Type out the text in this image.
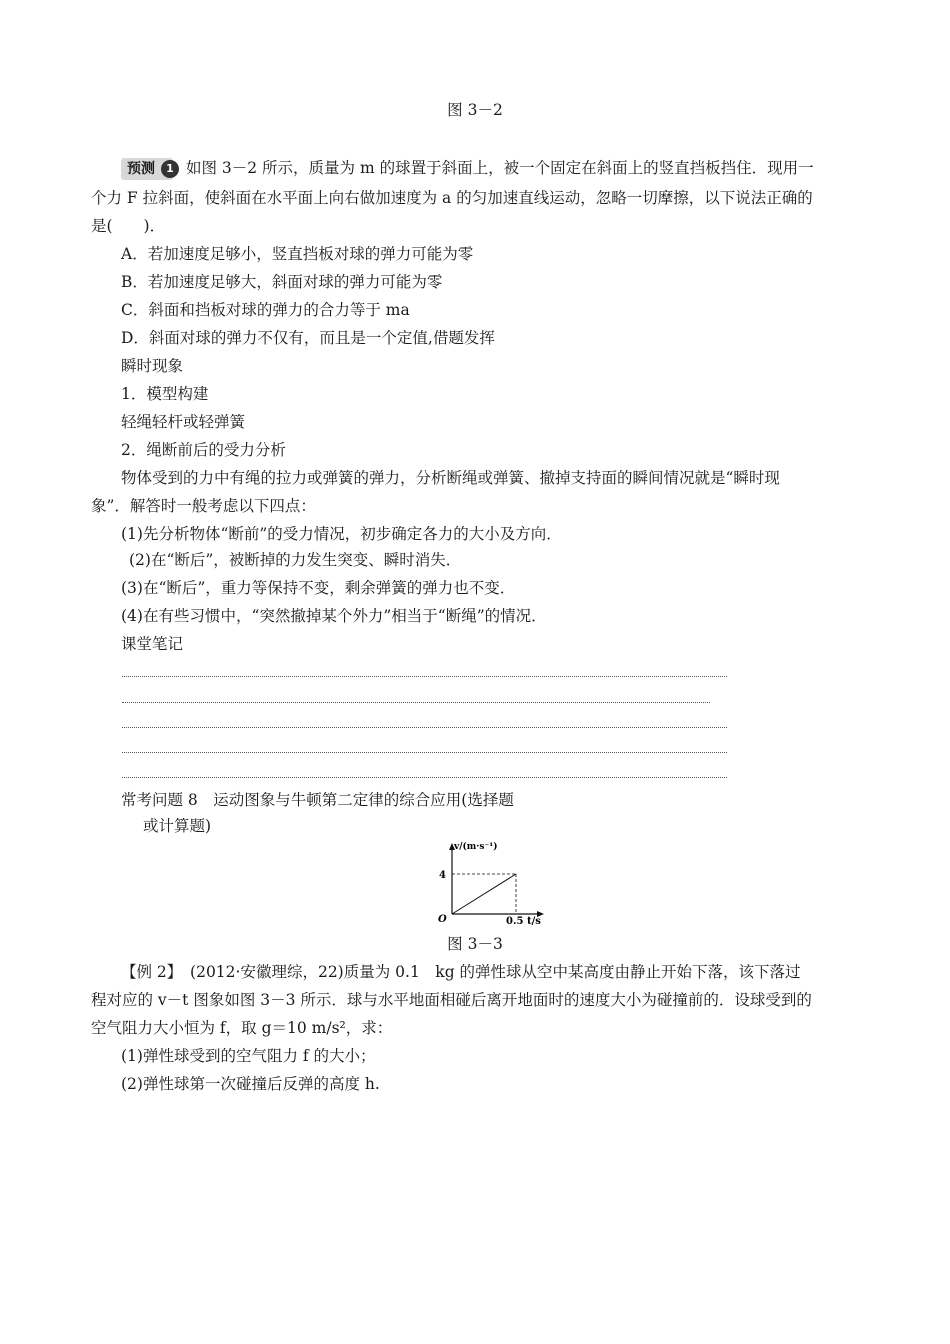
图 3－2
预测	1 如图 3－2 所示，质量为 m 的球置于斜面上，被一个固定在斜面上的竖直挡板挡住．现用一
个力 F 拉斜面，使斜面在水平面上向右做加速度为 a 的匀加速直线运动，忽略一切摩擦，以下说法正确的
是(　　)．
A．若加速度足够小，竖直挡板对球的弹力可能为零
B．若加速度足够大，斜面对球的弹力可能为零
C．斜面和挡板对球的弹力的合力等于 ma
D．斜面对球的弹力不仅有，而且是一个定值,借题发挥
瞬时现象
1．模型构建
轻绳轻杆或轻弹簧
2．绳断前后的受力分析
物体受到的力中有绳的拉力或弹簧的弹力，分析断绳或弹簧、撤掉支持面的瞬间情况就是“瞬时现
象”．解答时一般考虑以下四点：
(1)先分析物体“断前”的受力情况，初步确定各力的大小及方向．
(2)在“断后”，被断掉的力发生突变、瞬时消失．
(3)在“断后”，重力等保持不变，剩余弹簧的弹力也不变．
(4)在有些习惯中，“突然撤掉某个外力”相当于“断绳”的情况．
课堂笔记
常考问题 8　运动图象与牛顿第二定律的综合应用(选择题
或计算题)
v/(m·s⁻¹)
4
O	0.5 t/s
图 3－3
【例 2】　(2012·安徽理综，22)质量为 0.1　kg 的弹性球从空中某高度由静止开始下落，该下落过
程对应的 v－t 图象如图 3－3 所示．球与水平地面相碰后离开地面时的速度大小为碰撞前的．设球受到的
空气阻力大小恒为 f，取 g＝10 m/s²，求：
(1)弹性球受到的空气阻力 f 的大小；
(2)弹性球第一次碰撞后反弹的高度 h.
